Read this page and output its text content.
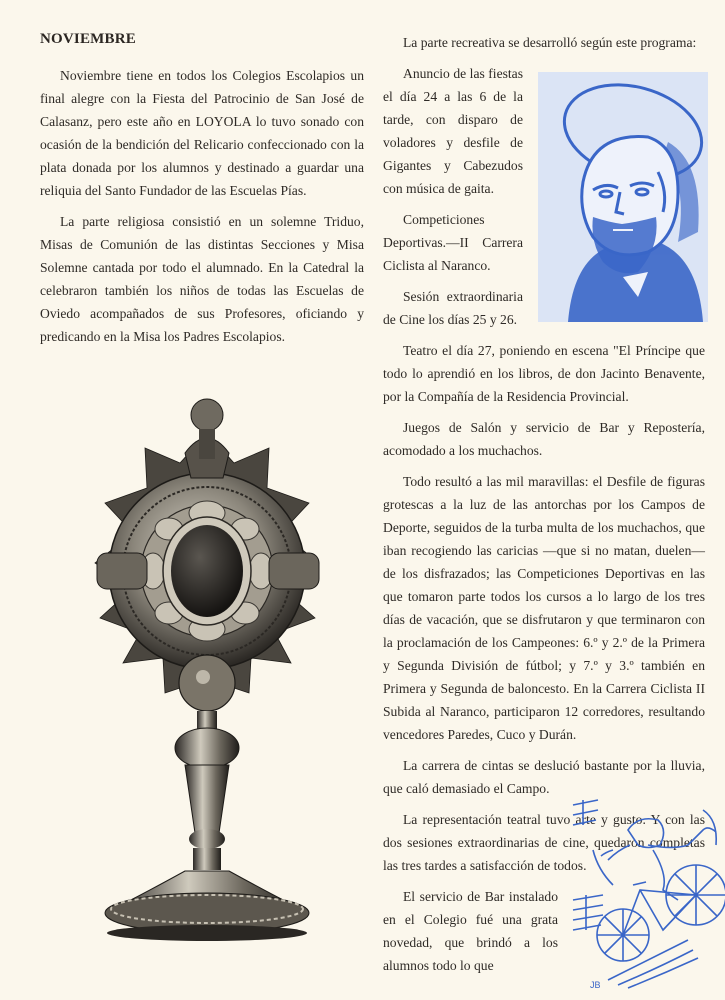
NOVIEMBRE

Noviembre tiene en todos los Colegios Escolapios un final alegre con la Fiesta del Patrocinio de San José de Calasanz, pero este año en LOYOLA lo tuvo sonado con ocasión de la bendición del Relicario confeccionado con la plata donada por los alumnos y destinado a guardar una reliquia del Santo Fundador de las Escuelas Pías.

La parte religiosa consistió en un solemne Triduo, Misas de Comunión de las distintas Secciones y Misa Solemne cantada por todo el alumnado. En la Catedral la celebraron también los niños de todas las Escuelas de Oviedo acompañados de sus Profesores, oficiando y predicando en la Misa los Padres Escolapios.

La parte recreativa se desarrolló según este programa:

Anuncio de las fiestas el día 24 a las 6 de la tarde, con disparo de voladores y desfile de Gigantes y Cabezudos con música de gaita.

Competiciones Deportivas.—II Carrera Ciclista al Naranco.

Sesión extraordinaria de Cine los días 25 y 26.

Teatro el día 27, poniendo en escena "El Príncipe que todo lo aprendió en los libros, de don Jacinto Benavente, por la Compañía de la Residencia Provincial.

Juegos de Salón y servicio de Bar y Repostería, acomodado a los muchachos.

Todo resultó a las mil maravillas: el Desfile de figuras grotescas a la luz de las antorchas por los Campos de Deporte, seguidos de la turba multa de los muchachos, que iban recogiendo las caricias —que si no matan, duelen— de los disfrazados; las Competiciones Deportivas en las que tomaron parte todos los cursos a lo largo de los tres días de vacación, que se disfrutaron y que terminaron con la proclamación de los Campeones: 6.º y 2.º de la Primera y Segunda División de fútbol; y 7.º y 3.º también en Primera y Segunda de baloncesto. En la Carrera Ciclista II Subida al Naranco, participaron 12 corredores, resultando vencedores Paredes, Cuco y Durán.

La carrera de cintas se deslució bastante por la lluvia, que caló demasiado el Campo.

La representación teatral tuvo arte y gusto. Y con las dos sesiones extraordinarias de cine, quedaron completas las tres tardes a satisfacción de todos.

El servicio de Bar instalado en el Colegio fué una grata novedad, que brindó a los alumnos todo lo que

JB
